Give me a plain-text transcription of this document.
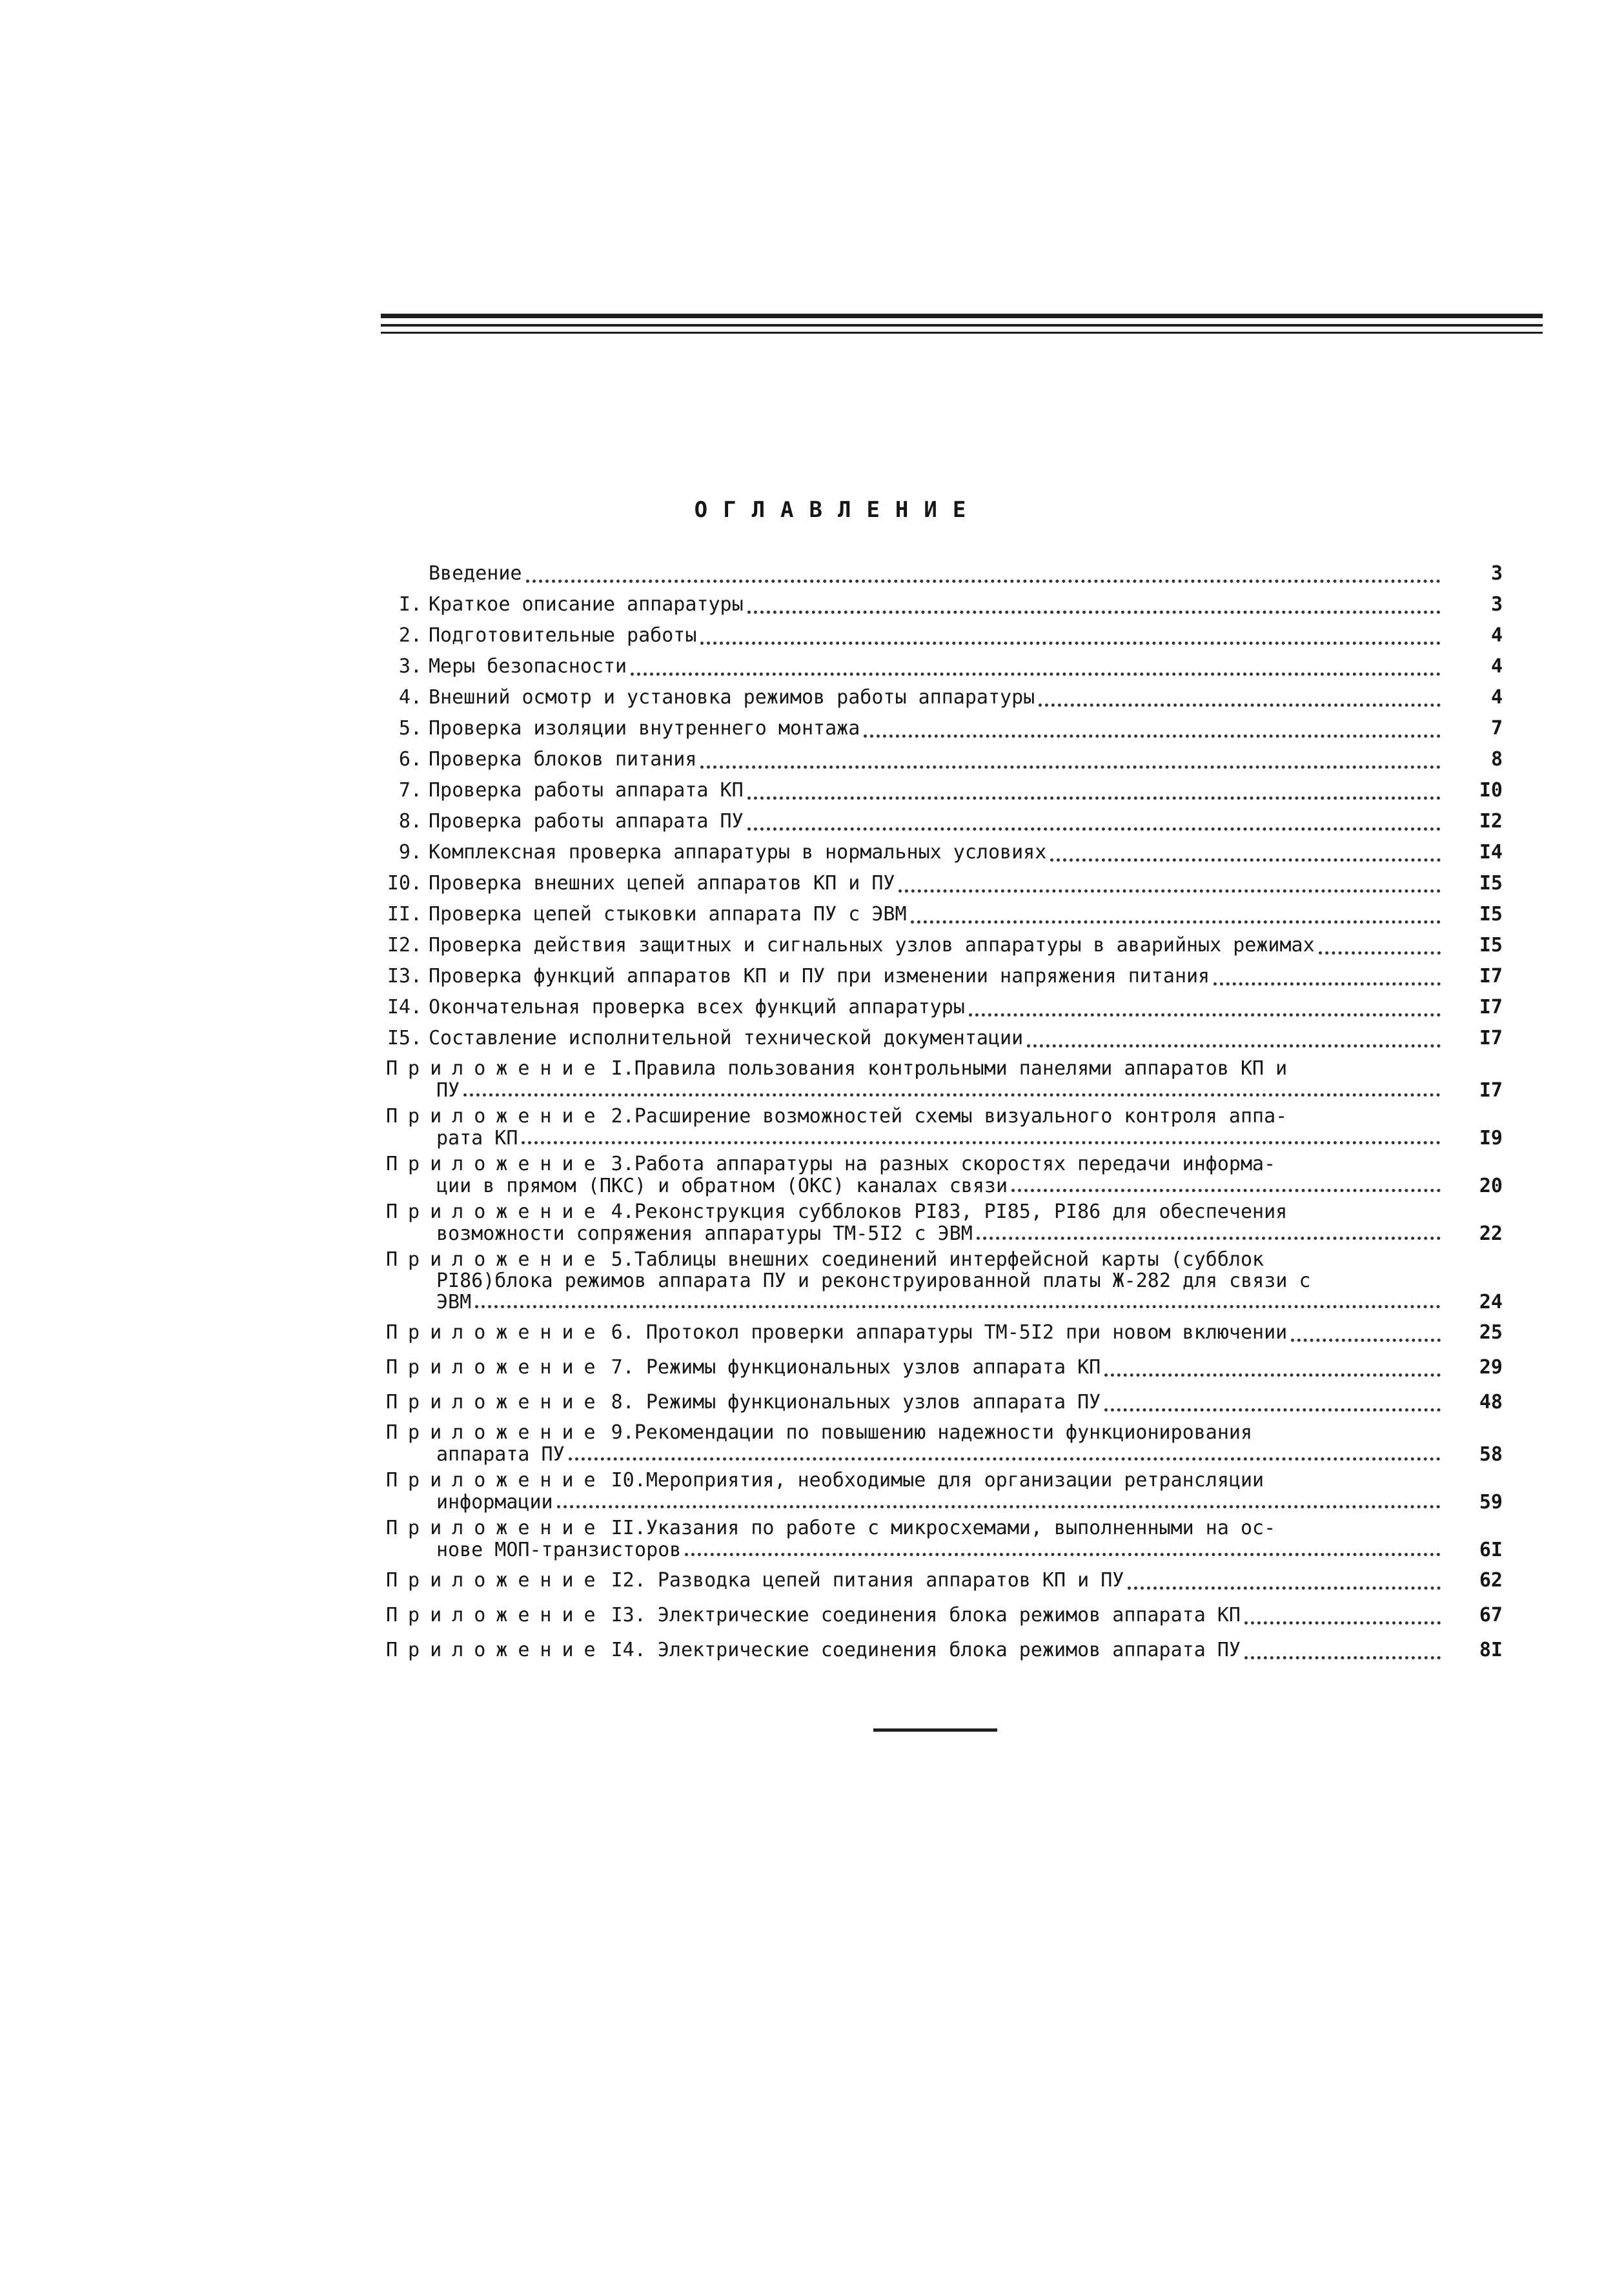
ОГЛАВЛЕНИЕ
Введение	3
I. Краткое описание аппаратуры	3
2. Подготовительные работы	4
3. Меры безопасности	4
4. Внешний осмотр и установка режимов работы аппаратуры	4
5. Проверка изоляции внутреннего монтажа	7
6. Проверка блоков питания	8
7. Проверка работы аппарата КП	I0
8. Проверка работы аппарата ПУ	I2
9. Комплексная проверка аппаратуры в нормальных условиях	I4
I0. Проверка внешних цепей аппаратов КП и ПУ	I5
II. Проверка цепей стыковки аппарата ПУ с ЭВМ	I5
I2. Проверка действия защитных и сигнальных узлов аппаратуры в аварийных режимах	I5
I3. Проверка функций аппаратов КП и ПУ при изменении напряжения питания	I7
I4. Окончательная проверка всех функций аппаратуры	I7
I5. Составление исполнительной технической документации	I7
Приложение I. Правила пользования контрольными панелями аппаратов КП и
ПУ	I7
Приложение 2. Расширение возможностей схемы визуального контроля аппа-
рата КП	I9
Приложение 3. Работа аппаратуры на разных скоростях передачи информа-
ции в прямом (ПКС) и обратном (ОКС) каналах связи	20
Приложение 4. Реконструкция субблоков PI83, PI85, PI86 для обеспечения
возможности сопряжения аппаратуры ТМ-5I2 с ЭВМ	22
Приложение 5. Таблицы внешних соединений интерфейсной карты (субблок
PI86)блока режимов аппарата ПУ и реконструированной платы Ж-282 для связи с
ЭВМ	24
Приложение 6. Протокол проверки аппаратуры ТМ-5I2 при новом включении	25
Приложение 7. Режимы функциональных узлов аппарата КП	29
Приложение 8. Режимы функциональных узлов аппарата ПУ	48
Приложение 9. Рекомендации по повышению надежности функционирования
аппарата ПУ	58
Приложение I0. Мероприятия, необходимые для организации ретрансляции
информации	59
Приложение II. Указания по работе с микросхемами, выполненными на ос-
нове МОП-транзисторов	6I
Приложение I2. Разводка цепей питания аппаратов КП и ПУ	62
Приложение I3. Электрические соединения блока режимов аппарата КП	67
Приложение I4. Электрические соединения блока режимов аппарата ПУ	8I
